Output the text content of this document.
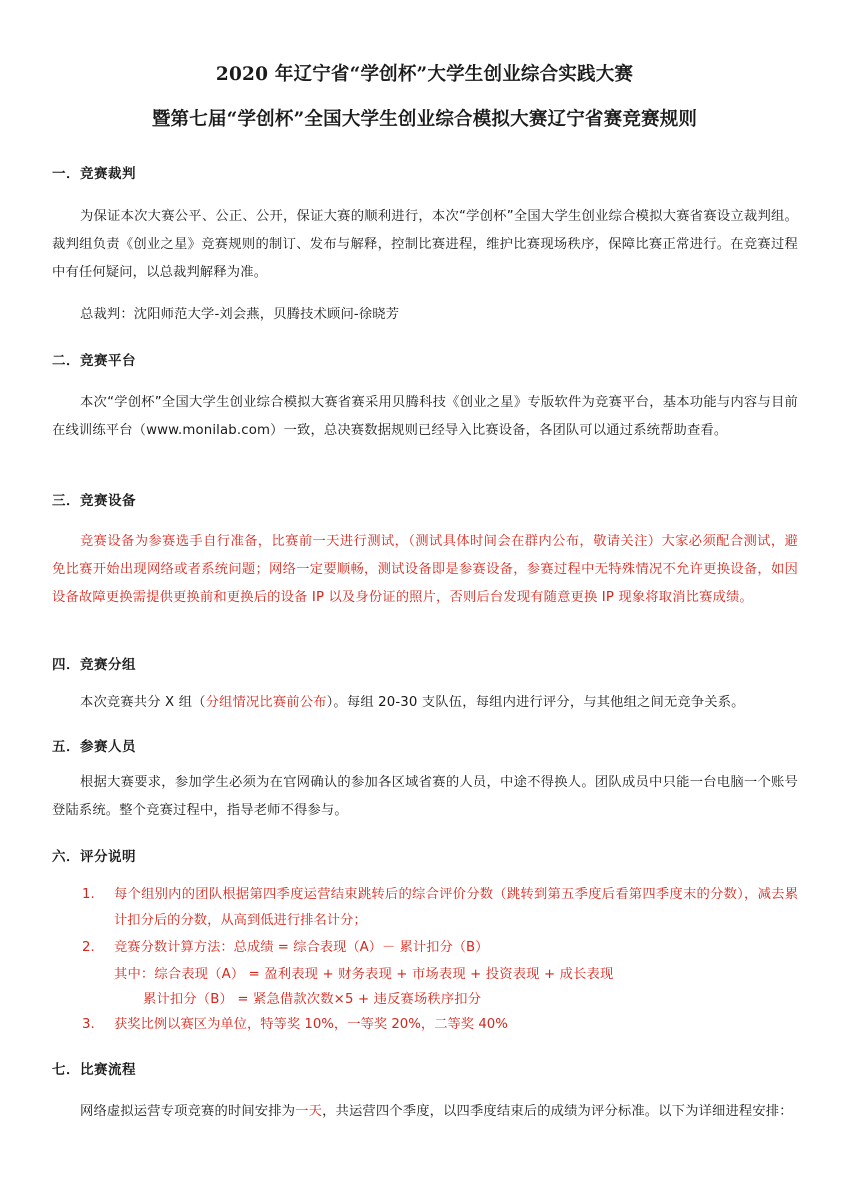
2020 年辽宁省“学创杯”大学生创业综合实践大赛
暨第七届“学创杯”全国大学生创业综合模拟大赛辽宁省赛竞赛规则
一．竞赛裁判
为保证本次大赛公平、公正、公开，保证大赛的顺利进行，本次“学创杯”全国大学生创业综合模拟大赛省赛设立裁判组。裁判组负责《创业之星》竞赛规则的制订、发布与解释，控制比赛进程，维护比赛现场秩序，保障比赛正常进行。在竞赛过程中有任何疑问，以总裁判解释为准。
总裁判：沈阳师范大学-刘会燕，贝腾技术顾问-徐晓芳
二．竞赛平台
本次“学创杯”全国大学生创业综合模拟大赛省赛采用贝腾科技《创业之星》专版软件为竞赛平台，基本功能与内容与目前在线训练平台（www.monilab.com）一致，总决赛数据规则已经导入比赛设备，各团队可以通过系统帮助查看。
三．竞赛设备
竞赛设备为参赛选手自行准备，比赛前一天进行测试，（测试具体时间会在群内公布，敬请关注）大家必须配合测试，避免比赛开始出现网络或者系统问题；网络一定要顺畅，测试设备即是参赛设备，参赛过程中无特殊情况不允许更换设备，如因设备故障更换需提供更换前和更换后的设备 IP 以及身份证的照片，否则后台发现有随意更换 IP 现象将取消比赛成绩。
四．竞赛分组
本次竞赛共分 X 组（分组情况比赛前公布）。每组 20-30 支队伍，每组内进行评分，与其他组之间无竞争关系。
五．参赛人员
根据大赛要求，参加学生必须为在官网确认的参加各区域省赛的人员，中途不得换人。团队成员中只能一台电脑一个账号登陆系统。整个竞赛过程中，指导老师不得参与。
六．评分说明
1. 每个组别内的团队根据第四季度运营结束跳转后的综合评价分数（跳转到第五季度后看第四季度末的分数），减去累计扣分后的分数，从高到低进行排名计分；
2. 竞赛分数计算方法：总成绩 = 综合表现（A）－ 累计扣分（B）
其中：综合表现（A） = 盈利表现 + 财务表现 + 市场表现 + 投资表现 + 成长表现
累计扣分（B） = 紧急借款次数×5 + 违反赛场秩序扣分
3. 获奖比例以赛区为单位，特等奖 10%，一等奖 20%，二等奖 40%
七．比赛流程
网络虚拟运营专项竞赛的时间安排为一天，共运营四个季度，以四季度结束后的成绩为评分标准。以下为详细进程安排：
